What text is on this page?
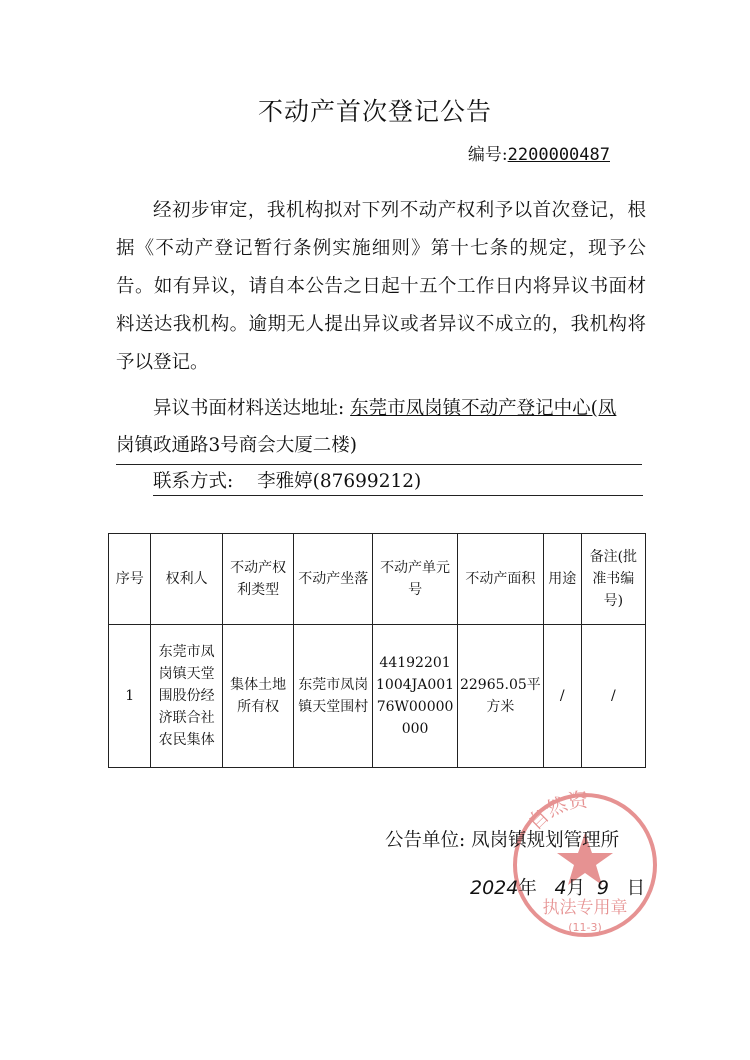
不动产首次登记公告
编号:2200000487

经初步审定，我机构拟对下列不动产权利予以首次登记，根据《不动产登记暂行条例实施细则》第十七条的规定，现予公告。如有异议，请自本公告之日起十五个工作日内将异议书面材料送达我机构。逾期无人提出异议或者异议不成立的，我机构将予以登记。

异议书面材料送达地址: 东莞市凤岗镇不动产登记中心(凤
岗镇政通路3号商会大厦二楼)
联系方式: 李雅婷(87699212)
序号	权利人	不动产权利类型	不动产坐落	不动产单元号	不动产面积	用途	备注(批准书编号)
1	东莞市凤岗镇天堂围股份经济联合社农民集体	集体土地所有权	东莞市凤岗镇天堂围村	441922011004JA00176W00000000	22965.05平方米	/	/
自然资
执法专用章
(11-3)
公告单位: 凤岗镇规划管理所
2024年 4月 9 日
